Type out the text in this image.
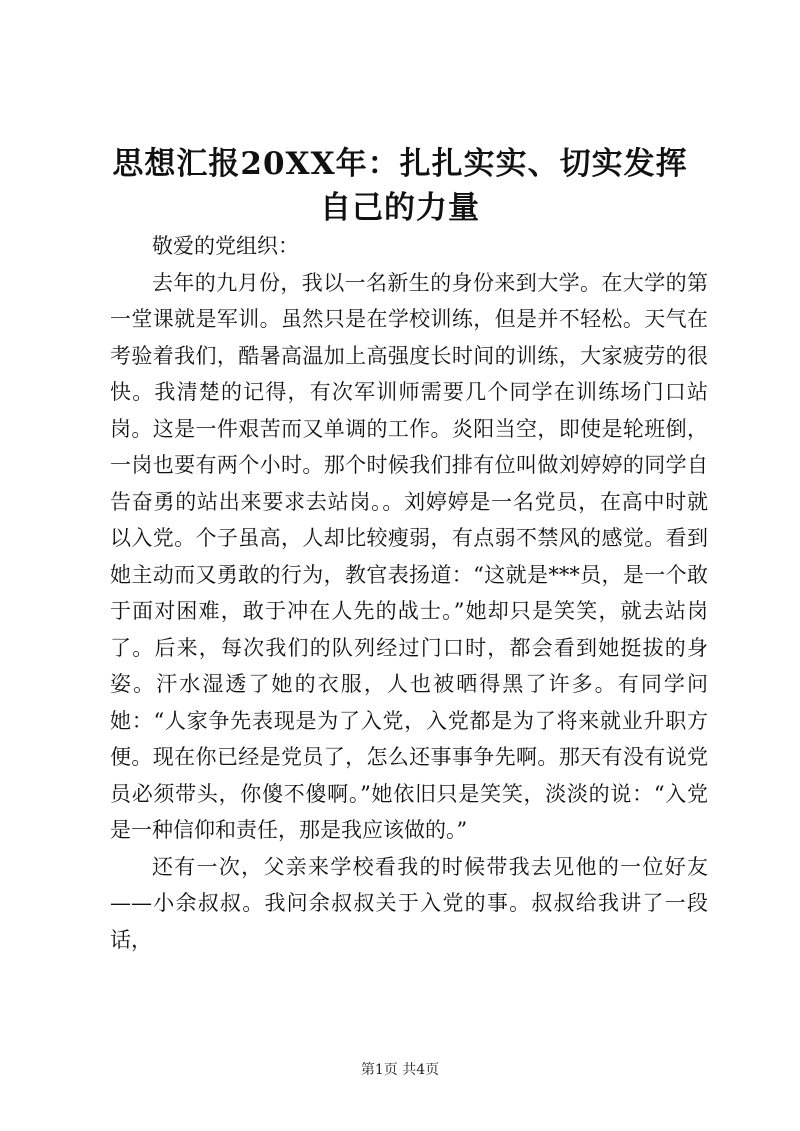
思想汇报20XX年：扎扎实实、切实发挥自己的力量

敬爱的党组织：

去年的九月份，我以一名新生的身份来到大学。在大学的第一堂课就是军训。虽然只是在学校训练，但是并不轻松。天气在考验着我们，酷暑高温加上高强度长时间的训练，大家疲劳的很快。我清楚的记得，有次军训师需要几个同学在训练场门口站岗。这是一件艰苦而又单调的工作。炎阳当空，即使是轮班倒，一岗也要有两个小时。那个时候我们排有位叫做刘婷婷的同学自告奋勇的站出来要求去站岗。。刘婷婷是一名党员，在高中时就以入党。个子虽高，人却比较瘦弱，有点弱不禁风的感觉。看到她主动而又勇敢的行为，教官表扬道：“这就是***员，是一个敢于面对困难，敢于冲在人先的战士。”她却只是笑笑，就去站岗了。后来，每次我们的队列经过门口时，都会看到她挺拔的身姿。汗水湿透了她的衣服，人也被晒得黑了许多。有同学问她：“人家争先表现是为了入党，入党都是为了将来就业升职方便。现在你已经是党员了，怎么还事事争先啊。那天有没有说党员必须带头，你傻不傻啊。”她依旧只是笑笑，淡淡的说：“入党是一种信仰和责任，那是我应该做的。”

还有一次，父亲来学校看我的时候带我去见他的一位好友——小余叔叔。我问余叔叔关于入党的事。叔叔给我讲了一段话，

第1页 共4页
